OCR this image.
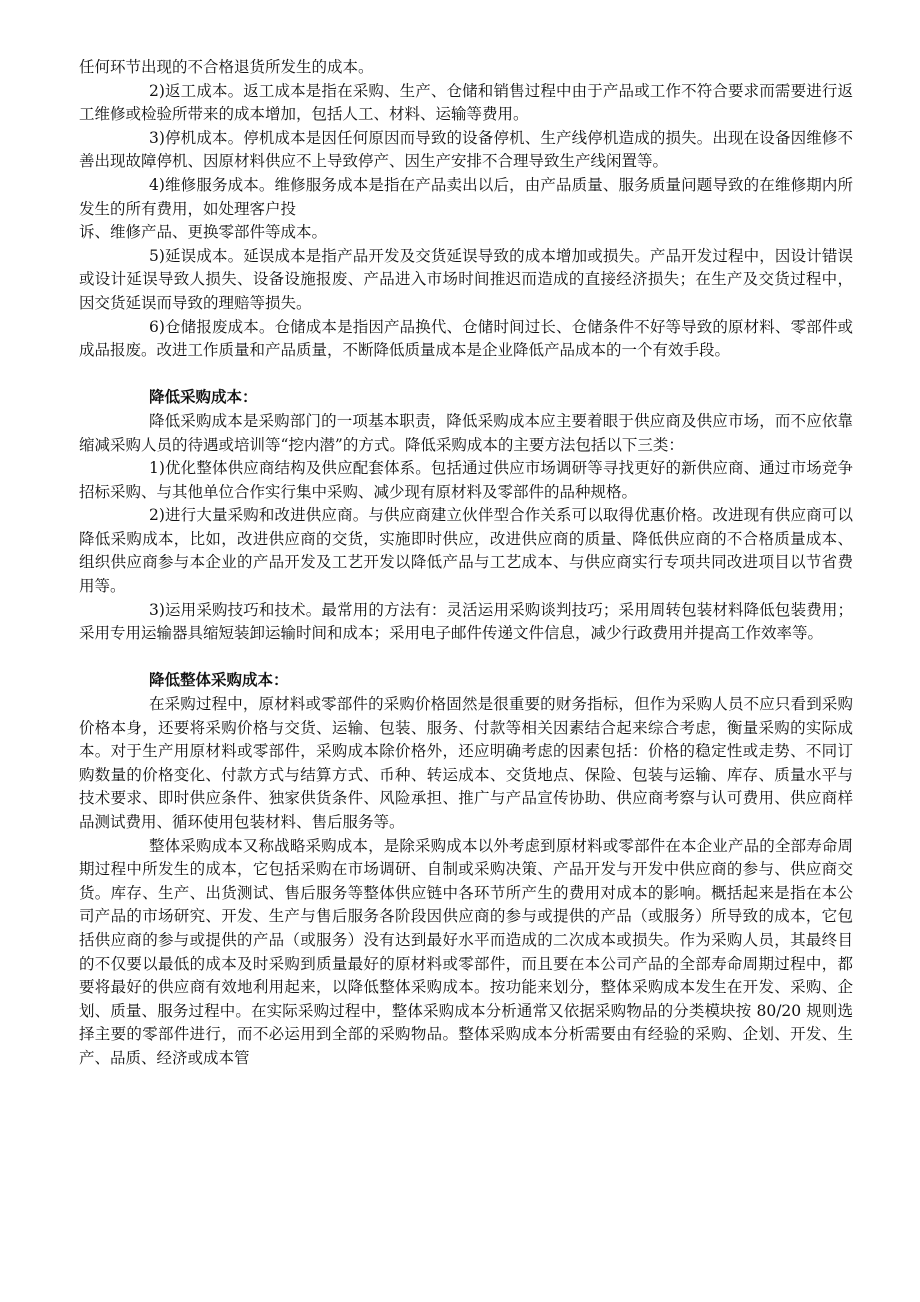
任何环节出现的不合格退货所发生的成本。

2)返工成本。返工成本是指在采购、生产、仓储和销售过程中由于产品或工作不符合要求而需要进行返工维修或检验所带来的成本增加，包括人工、材料、运输等费用。

3)停机成本。停机成本是因任何原因而导致的设备停机、生产线停机造成的损失。出现在设备因维修不善出现故障停机、因原材料供应不上导致停产、因生产安排不合理导致生产线闲置等。

4)维修服务成本。维修服务成本是指在产品卖出以后，由产品质量、服务质量问题导致的在维修期内所发生的所有费用，如处理客户投

诉、维修产品、更换零部件等成本。

5)延误成本。延误成本是指产品开发及交货延误导致的成本增加或损失。产品开发过程中，因设计错误或设计延误导致人损失、设备设施报废、产品进入市场时间推迟而造成的直接经济损失；在生产及交货过程中，因交货延误而导致的理赔等损失。

6)仓储报废成本。仓储成本是指因产品换代、仓储时间过长、仓储条件不好等导致的原材料、零部件或成品报废。改进工作质量和产品质量，不断降低质量成本是企业降低产品成本的一个有效手段。

降低采购成本：

降低采购成本是采购部门的一项基本职责，降低采购成本应主要着眼于供应商及供应市场，而不应依靠缩减采购人员的待遇或培训等“挖内潜”的方式。降低采购成本的主要方法包括以下三类：

1)优化整体供应商结构及供应配套体系。包括通过供应市场调研等寻找更好的新供应商、通过市场竞争招标采购、与其他单位合作实行集中采购、减少现有原材料及零部件的品种规格。

2)进行大量采购和改进供应商。与供应商建立伙伴型合作关系可以取得优惠价格。改进现有供应商可以降低采购成本，比如，改进供应商的交货，实施即时供应，改进供应商的质量、降低供应商的不合格质量成本、组织供应商参与本企业的产品开发及工艺开发以降低产品与工艺成本、与供应商实行专项共同改进项目以节省费用等。

3)运用采购技巧和技术。最常用的方法有：灵活运用采购谈判技巧；采用周转包装材料降低包装费用；采用专用运输器具缩短装卸运输时间和成本；采用电子邮件传递文件信息，减少行政费用并提高工作效率等。

降低整体采购成本：

在采购过程中，原材料或零部件的采购价格固然是很重要的财务指标，但作为采购人员不应只看到采购价格本身，还要将采购价格与交货、运输、包装、服务、付款等相关因素结合起来综合考虑，衡量采购的实际成本。对于生产用原材料或零部件，采购成本除价格外，还应明确考虑的因素包括：价格的稳定性或走势、不同订购数量的价格变化、付款方式与结算方式、币种、转运成本、交货地点、保险、包装与运输、库存、质量水平与技术要求、即时供应条件、独家供货条件、风险承担、推广与产品宣传协助、供应商考察与认可费用、供应商样品测试费用、循环使用包装材料、售后服务等。

整体采购成本又称战略采购成本，是除采购成本以外考虑到原材料或零部件在本企业产品的全部寿命周期过程中所发生的成本，它包括采购在市场调研、自制或采购决策、产品开发与开发中供应商的参与、供应商交货。库存、生产、出货测试、售后服务等整体供应链中各环节所产生的费用对成本的影响。概括起来是指在本公司产品的市场研究、开发、生产与售后服务各阶段因供应商的参与或提供的产品（或服务）所导致的成本，它包括供应商的参与或提供的产品（或服务）没有达到最好水平而造成的二次成本或损失。作为采购人员，其最终目的不仅要以最低的成本及时采购到质量最好的原材料或零部件，而且要在本公司产品的全部寿命周期过程中，都要将最好的供应商有效地利用起来，以降低整体采购成本。按功能来划分，整体采购成本发生在开发、采购、企划、质量、服务过程中。在实际采购过程中，整体采购成本分析通常又依据采购物品的分类模块按 80/20 规则选择主要的零部件进行，而不必运用到全部的采购物品。整体采购成本分析需要由有经验的采购、企划、开发、生产、品质、经济或成本管
